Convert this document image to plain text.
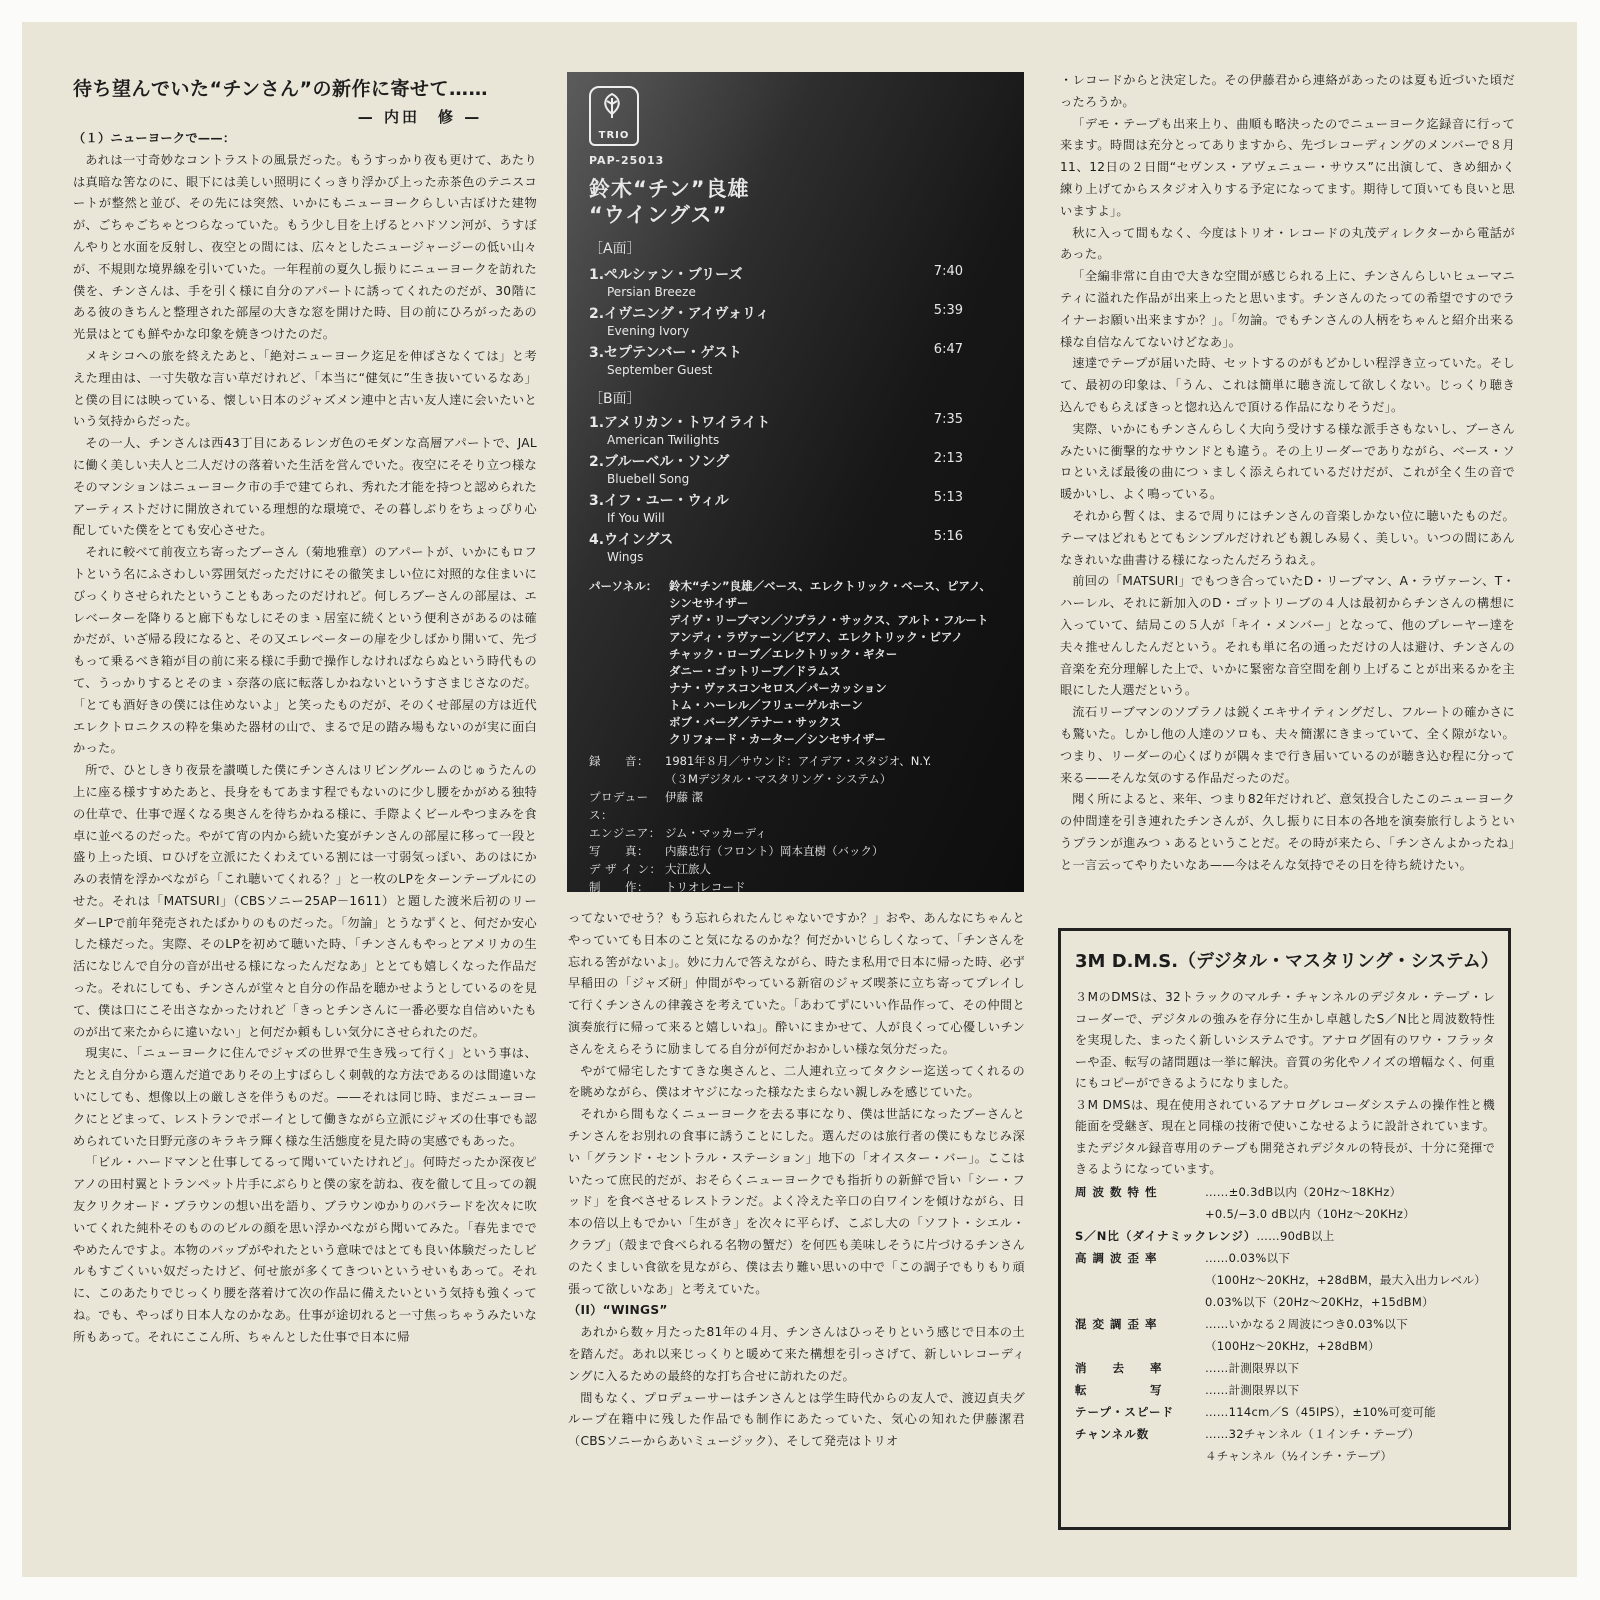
待ち望んでいた“チンさん”の新作に寄せて……
— 内田　修 —

（１）ニューヨークで——：

あれは一寸奇妙なコントラストの風景だった。もうすっかり夜も更けて、あたりは真暗な筈なのに、眼下には美しい照明にくっきり浮かび上った赤茶色のテニスコートが整然と並び、その先には突然、いかにもニューヨークらしい古ぼけた建物が、ごちゃごちゃとつらなっていた。もう少し目を上げるとハドソン河が、うすぼんやりと水面を反射し、夜空との間には、広々としたニュージャージーの低い山々が、不規則な境界線を引いていた。一年程前の夏久し振りにニューヨークを訪れた僕を、チンさんは、手を引く様に自分のアパートに誘ってくれたのだが、30階にある彼のきちんと整理された部屋の大きな窓を開けた時、目の前にひろがったあの光景はとても鮮やかな印象を焼きつけたのだ。

メキシコへの旅を終えたあと、「絶対ニューヨーク迄足を伸ばさなくては」と考えた理由は、一寸失敬な言い草だけれど、「本当に“健気に”生き抜いているなあ」と僕の目には映っている、懐しい日本のジャズメン連中と古い友人達に会いたいという気持からだった。

その一人、チンさんは西43丁目にあるレンガ色のモダンな高層アパートで、JALに働く美しい夫人と二人だけの落着いた生活を営んでいた。夜空にそそり立つ様なそのマンションはニューヨーク市の手で建てられ、秀れた才能を持つと認められたアーティストだけに開放されている理想的な環境で、その暮しぶりをちょっぴり心配していた僕をとても安心させた。

それに較べて前夜立ち寄ったブーさん（菊地雅章）のアパートが、いかにもロフトという名にふさわしい雰囲気だっただけにその徹笑ましい位に対照的な住まいにびっくりさせられたということもあったのだけれど。何しろブーさんの部屋は、エレベーターを降りると廊下もなしにそのまゝ居室に続くという便利さがあるのは確かだが、いざ帰る段になると、その又エレベーターの扉を少しばかり開いて、先づもって乗るべき箱が目の前に来る様に手動で操作しなければならぬという時代ものて、うっかりするとそのまゝ奈落の底に転落しかねないというすさまじさなのだ。「とても酒好きの僕には住めないよ」と笑ったものだが、そのくせ部屋の方は近代エレクトロニクスの粋を集めた器材の山で、まるで足の踏み場もないのが実に面白かった。

所で、ひとしきり夜景を讃嘆した僕にチンさんはリビングルームのじゅうたんの上に座る様すすめたあと、長身をもてあます程でもないのに少し腰をかがめる独特の仕草で、仕事で遅くなる奥さんを待ちかねる様に、手際よくビールやつまみを食卓に並べるのだった。やがて宵の内から続いた宴がチンさんの部屋に移って一段と盛り上った頃、ロひげを立派にたくわえている割には一寸弱気っぽい、あのはにかみの表情を浮かべながら「これ聴いてくれる？」と一枚のLPをターンテーブルにのせた。それは「MATSURI」（CBSソニー25AP－1611）と題した渡米后初のリーダーLPで前年発売されたばかりのものだった。「勿論」とうなずくと、何だか安心した様だった。実際、そのLPを初めて聴いた時、「チンさんもやっとアメリカの生活になじんで自分の音が出せる様になったんだなあ」ととても嬉しくなった作品だった。それにしても、チンさんが堂々と自分の作品を聴かせようとしているのを見て、僕は口にこそ出さなかったけれど「きっとチンさんに一番必要な自信めいたものが出て来たからに違いない」と何だか頼もしい気分にさせられたのだ。

現実に、「ニューヨークに住んでジャズの世界で生き残って行く」という事は、たとえ自分から選んだ道でありその上すばらしく刺戟的な方法であるのは間違いないにしても、想像以上の厳しさを伴うものだ。——それは同じ時、まだニューヨークにとどまって、レストランでボーイとして働きながら立派にジャズの仕事でも認められていた日野元彦のキラキラ輝く様な生活態度を見た時の実感でもあった。

「ビル・ハードマンと仕事してるって聞いていたけれど」。何時だったか深夜ピアノの田村翼とトランペット片手にぶらりと僕の家を訪ね、夜を徹して且っての親友クリクオード・ブラウンの想い出を語り、ブラウンゆかりのバラードを次々に吹いてくれた純朴そのもののビルの顔を思い浮かべながら聞いてみた。「春先まででやめたんですよ。本物のバップがやれたという意味ではとても良い体験だったしビルもすごくいい奴だったけど、何せ旅が多くてきついというせいもあって。それに、このあたりでじっくり腰を落着けて次の作品に備えたいという気持も強くってね。でも、やっぱり日本人なのかなあ。仕事が途切れると一寸焦っちゃうみたいな所もあって。それにここん所、ちゃんとした仕事で日本に帰

TRIO
PAP-25013
鈴木“チン”良雄
“ウイングス”
［A面］
1.ペルシァン・ブリーズ
Persian Breeze
7:40
2.イヴニング・アイヴォリィ
Evening Ivory
5:39
3.セプテンバー・ゲスト
September Guest
6:47
［B面］
1.アメリカン・トワイライト
American Twilights
7:35
2.ブルーベル・ソング
Bluebell Song
2:13
3.イフ・ユー・ウィル
If You Will
5:13
4.ウイングス
Wings
5:16
パーソネル：	鈴木“チン”良雄／ベース、エレクトリック・ベース、ピアノ、
シンセサイザー
デイヴ・リーブマン／ソプラノ・サックス、アルト・フルート
アンディ・ラヴァーン／ピアノ、エレクトリック・ピアノ
チャック・ローブ／エレクトリック・ギター
ダニー・ゴットリーブ／ドラムス
ナナ・ヴァスコンセロス／パーカッション
トム・ハーレル／フリューゲルホーン
ボブ・バーグ／テナー・サックス
クリフォード・カーター／シンセサイザー
録　　音：	1981年８月／サウンド：アイデア・スタジオ、N.Y.
（３Mデジタル・マスタリング・システム）
プロデュース：
伊藤 潔
エンジニア： ジム・マッカーディ
写　　真：	内藤忠行（フロント）岡本直樹（バック）
デ ザ イ ン： 大江旅人
制　　作：	トリオレコード

ってないでせう？もう忘れられたんじゃないですか？」おや、あんなにちゃんとやっていても日本のこと気になるのかな？何だかいじらしくなって、「チンさんを忘れる筈がないよ」。妙に力んで答えながら、時たま私用で日本に帰った時、必ず早稲田の「ジャズ研」仲間がやっている新宿のジャズ喫茶に立ち寄ってプレイして行くチンさんの律義さを考えていた。「あわてずにいい作品作って、その仲間と演奏旅行に帰って来ると嬉しいね」。酔いにまかせて、人が良くって心優しいチンさんをえらそうに励ましてる自分が何だかおかしい様な気分だった。

やがて帰宅したすてきな奥さんと、二人連れ立ってタクシー迄送ってくれるのを眺めながら、僕はオヤジになった様なたまらない親しみを感じていた。

それから間もなくニューヨークを去る事になり、僕は世話になったブーさんとチンさんをお別れの食事に誘うことにした。選んだのは旅行者の僕にもなじみ深い「グランド・セントラル・ステーション」地下の「オイスター・バー」。ここはいたって庶民的だが、おそらくニューヨークでも指折りの新鮮で旨い「シー・フッド」を食べさせるレストランだ。よく冷えた辛口の白ワインを傾けながら、日本の倍以上もでかい「生がき」を次々に平らげ、こぶし大の「ソフト・シエル・クラブ」（殻まで食べられる名物の蟹だ）を何匹も美味しそうに片づけるチンさんのたくましい食欲を見ながら、僕は去り難い思いの中で「この調子でもりもり頑張って欲しいなあ」と考えていた。

（II）“WINGS”

あれから数ヶ月たった81年の４月、チンさんはひっそりという感じで日本の土を踏んだ。あれ以来じっくりと暖めて来た構想を引っさげて、新しいレコーディングに入るための最終的な打ち合せに訪れたのだ。

間もなく、プロデューサーはチンさんとは学生時代からの友人で、渡辺貞夫グループ在籍中に残した作品でも制作にあたっていた、気心の知れた伊藤潔君（CBSソニーからあいミュージック）、そして発売はトリオ

・レコードからと決定した。その伊藤君から連絡があったのは夏も近づいた頃だったろうか。

「デモ・テープも出来上り、曲順も略決ったのでニューヨーク迄録音に行って来ます。時間は充分とってありますから、先づレコーディングのメンバーで８月11、12日の２日間“セヴンス・アヴェニュー・サウス”に出演して、きめ細かく練り上げてからスタジオ入りする予定になってます。期待して頂いても良いと思いますよ」。

秋に入って間もなく、今度はトリオ・レコードの丸茂ディレクターから電話があった。

「全編非常に自由で大きな空間が感じられる上に、チンさんらしいヒューマニティに溢れた作品が出来上ったと思います。チンさんのたっての希望ですのでライナーお願い出来ますか？」。「勿論。でもチンさんの人柄をちゃんと紹介出来る様な自信なんてないけどなあ」。

速達でテープが届いた時、セットするのがもどかしい程浮き立っていた。そして、最初の印象は、「うん、これは簡単に聴き流して欲しくない。じっくり聴き込んでもらえばきっと惚れ込んで頂ける作品になりそうだ」。

実際、いかにもチンさんらしく大向う受けする様な派手さもないし、ブーさんみたいに衝撃的なサウンドとも違う。その上リーダーでありながら、ベース・ソロといえば最後の曲につゝましく添えられているだけだが、これが全く生の音で暖かいし、よく鳴っている。

それから暫くは、まるで周りにはチンさんの音楽しかない位に聴いたものだ。テーマはどれもとてもシンプルだけれども親しみ易く、美しい。いつの間にあんなきれいな曲書ける様になったんだろうねえ。

前回の「MATSURI」でもつき合っていたD・リーブマン、A・ラヴァーン、T・ハーレル、それに新加入のD・ゴットリーブの４人は最初からチンさんの構想に入っていて、結局この５人が「キイ・メンバー」となって、他のプレーヤー達を夫々推せんしたんだという。それも単に名の通っただけの人は避け、チンさんの音楽を充分理解した上で、いかに緊密な音空間を創り上げることが出来るかを主眼にした人選だという。

流石リーブマンのソプラノは鋭くエキサイティングだし、フルートの確かさにも驚いた。しかし他の人達のソロも、夫々簡潔にきまっていて、全く隙がない。つまり、リーダーの心くばりが隅々まで行き届いているのが聴き込む程に分って来る——そんな気のする作品だったのだ。

聞く所によると、来年、つまり82年だけれど、意気投合したこのニューヨークの仲間達を引き連れたチンさんが、久し振りに日本の各地を演奏旅行しようというプランが進みつゝあるということだ。その時が来たら、「チンさんよかったね」と一言云ってやりたいなあ——今はそんな気持でその日を待ち続けたい。

3M D.M.S.（デジタル・マスタリング・システム）

３MのDMSは、32トラックのマルチ・チャンネルのデジタル・テープ・レコーダーで、デジタルの強みを存分に生かし卓越したS／N比と周波数特性を実現した、まったく新しいシステムです。アナログ固有のワウ・フラッターや歪、転写の諸問題は一挙に解決。音質の劣化やノイズの増幅なく、何重にもコピーができるようになりました。

３M DMSは、現在使用されているアナログレコーダシステムの操作性と機能面を受継ぎ、現在と同様の技術で使いこなせるように設計されています。またデジタル録音専用のテープも開発されデジタルの特長が、十分に発揮できるようになっています。

周 波 数 特 性	……±0.3dB以内（20Hz～18KHz）
+0.5/−3.0 dB以内（10Hz～20KHz）
S／N比（ダイナミックレンジ） ……90dB以上
高 調 波 歪 率	……0.03%以下
（100Hz～20KHz，+28dBM，最大入出力レベル）
0.03%以下（20Hz～20KHz，+15dBM）
混 変 調 歪 率	……いかなる２周波につき0.03%以下
（100Hz～20KHz，+28dBM）
消　　去　　率	……計測限界以下
転　　　　　写	……計測限界以下
テープ・スピード	……114cm／S（45IPS），±10%可変可能
チャンネル数	……32チャンネル（１インチ・テープ）
４チャンネル（½インチ・テープ）
